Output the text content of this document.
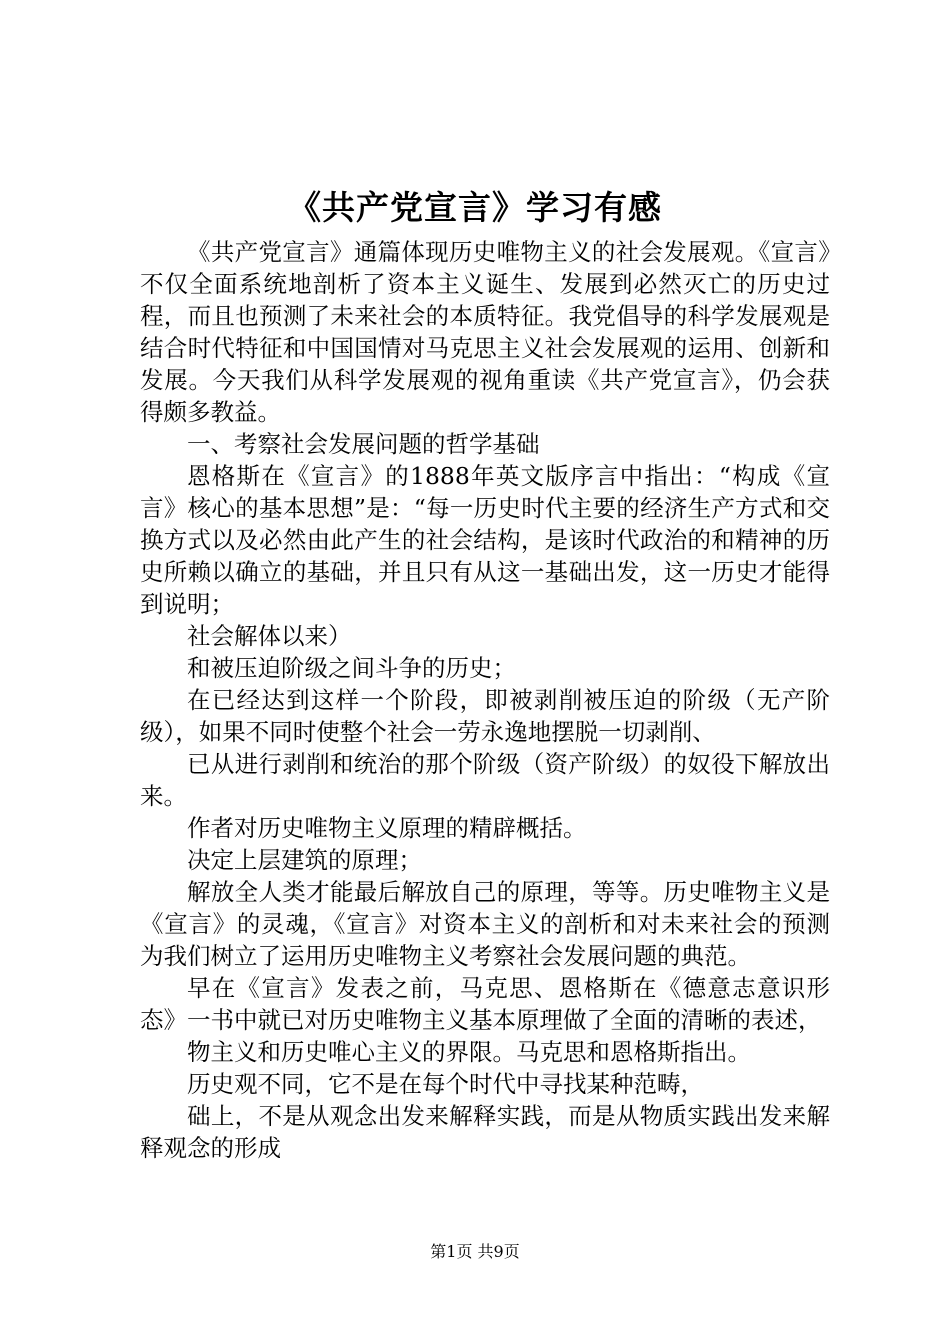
《共产党宣言》学习有感

《共产党宣言》通篇体现历史唯物主义的社会发展观。《宣言》不仅全面系统地剖析了资本主义诞生、发展到必然灭亡的历史过程，而且也预测了未来社会的本质特征。我党倡导的科学发展观是结合时代特征和中国国情对马克思主义社会发展观的运用、创新和发展。今天我们从科学发展观的视角重读《共产党宣言》，仍会获得颇多教益。

一、考察社会发展问题的哲学基础

恩格斯在《宣言》的1888年英文版序言中指出：“构成《宣言》核心的基本思想”是：“每一历史时代主要的经济生产方式和交换方式以及必然由此产生的社会结构，是该时代政治的和精神的历史所赖以确立的基础，并且只有从这一基础出发，这一历史才能得到说明；

社会解体以来）

和被压迫阶级之间斗争的历史；

在已经达到这样一个阶段，即被剥削被压迫的阶级（无产阶级），如果不同时使整个社会一劳永逸地摆脱一切剥削、

已从进行剥削和统治的那个阶级（资产阶级）的奴役下解放出来。

作者对历史唯物主义原理的精辟概括。

决定上层建筑的原理；

解放全人类才能最后解放自己的原理，等等。历史唯物主义是《宣言》的灵魂，《宣言》对资本主义的剖析和对未来社会的预测为我们树立了运用历史唯物主义考察社会发展问题的典范。

早在《宣言》发表之前，马克思、恩格斯在《德意志意识形态》一书中就已对历史唯物主义基本原理做了全面的清晰的表述，

物主义和历史唯心主义的界限。马克思和恩格斯指出。

历史观不同，它不是在每个时代中寻找某种范畴，

础上，不是从观念出发来解释实践，而是从物质实践出发来解释观念的形成

第1页 共9页
